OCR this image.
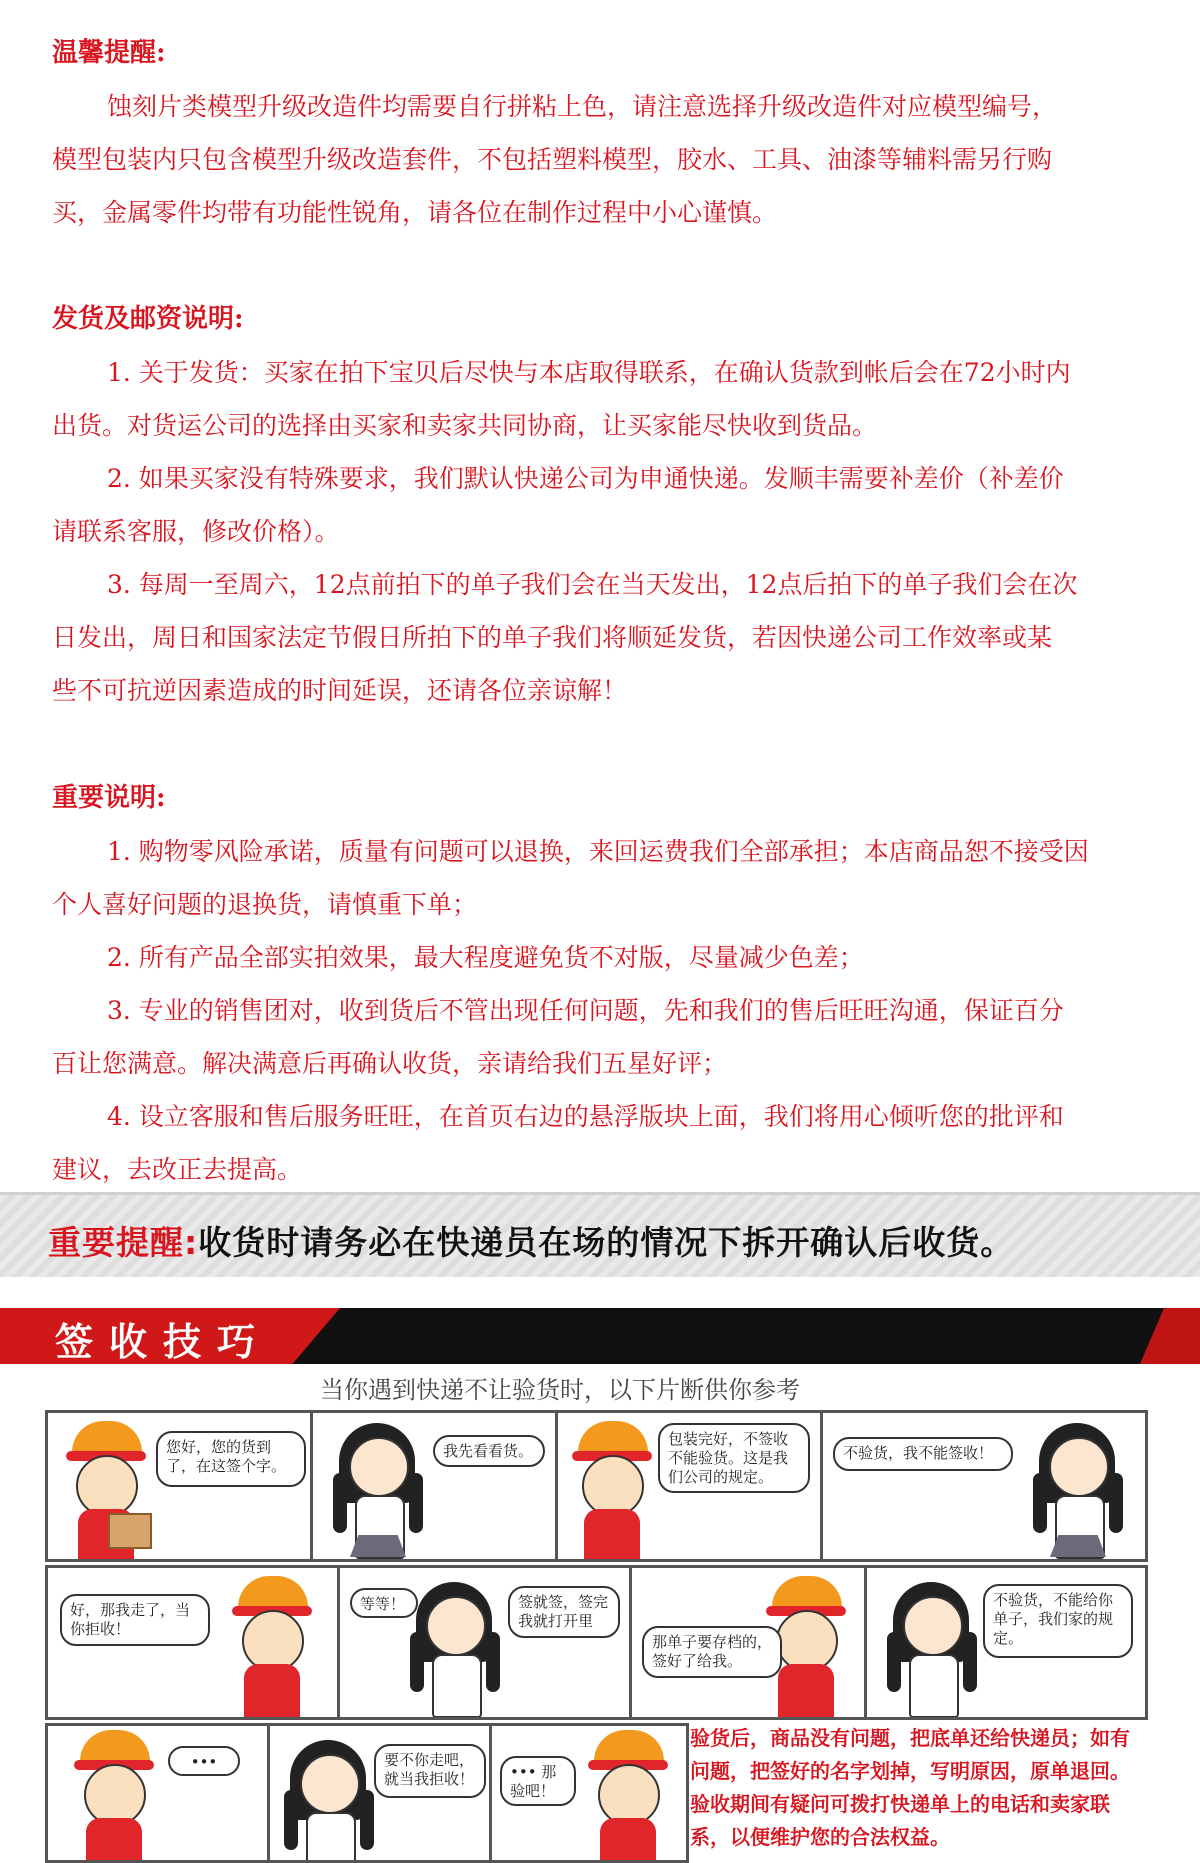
温馨提醒:

蚀刻片类模型升级改造件均需要自行拼粘上色，请注意选择升级改造件对应模型编号，

模型包装内只包含模型升级改造套件，不包括塑料模型，胶水、工具、油漆等辅料需另行购

买，金属零件均带有功能性锐角，请各位在制作过程中小心谨慎。

发货及邮资说明:

1. 关于发货：买家在拍下宝贝后尽快与本店取得联系，在确认货款到帐后会在72小时内

出货。对货运公司的选择由买家和卖家共同协商，让买家能尽快收到货品。

2. 如果买家没有特殊要求，我们默认快递公司为申通快递。发顺丰需要补差价（补差价

请联系客服，修改价格）。

3. 每周一至周六，12点前拍下的单子我们会在当天发出，12点后拍下的单子我们会在次

日发出，周日和国家法定节假日所拍下的单子我们将顺延发货，若因快递公司工作效率或某

些不可抗逆因素造成的时间延误，还请各位亲谅解！

重要说明:

1. 购物零风险承诺，质量有问题可以退换，来回运费我们全部承担；本店商品恕不接受因

个人喜好问题的退换货，请慎重下单；

2. 所有产品全部实拍效果，最大程度避免货不对版，尽量减少色差；

3. 专业的销售团对，收到货后不管出现任何问题，先和我们的售后旺旺沟通，保证百分

百让您满意。解决满意后再确认收货，亲请给我们五星好评；

4. 设立客服和售后服务旺旺，在首页右边的悬浮版块上面，我们将用心倾听您的批评和

建议，去改正去提高。

重要提醒:收货时请务必在快递员在场的情况下拆开确认后收货。
签收技巧
当你遇到快递不让验货时，以下片断供你参考
您好，您的货到了，在这签个字。
我先看看货。
包装完好，不签收不能验货。这是我们公司的规定。
不验货，我不能签收！
好，那我走了，当你拒收！
等等！	签就签，签完我就打开里
那单子要存档的，签好了给我。
不验货，不能给你单子，我们家的规定。
•••	要不你走吧，就当我拒收！	••• 那验吧！
验货后，商品没有问题，把底单还给快递员；如有问题，把签好的名字划掉，写明原因，原单退回。验收期间有疑问可拨打快递单上的电话和卖家联系，以便维护您的合法权益。
